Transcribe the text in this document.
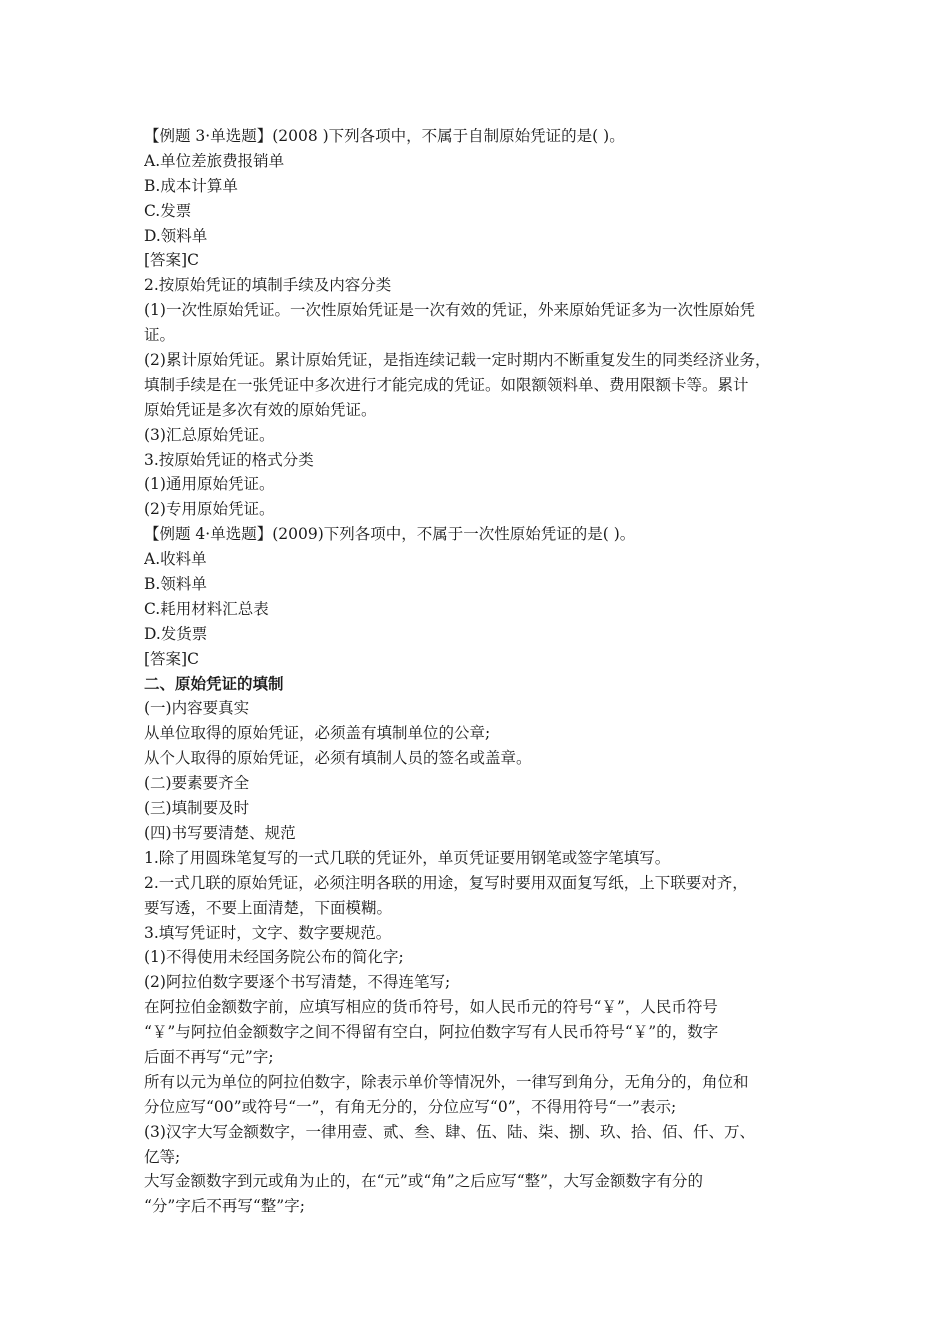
【例题 3·单选题】(2008 )下列各项中，不属于自制原始凭证的是( )。

A.单位差旅费报销单

B.成本计算单

C.发票

D.领料单

[答案]C

2.按原始凭证的填制手续及内容分类

(1)一次性原始凭证。一次性原始凭证是一次有效的凭证，外来原始凭证多为一次性原始凭

证。

(2)累计原始凭证。累计原始凭证，是指连续记载一定时期内不断重复发生的同类经济业务，

填制手续是在一张凭证中多次进行才能完成的凭证。如限额领料单、费用限额卡等。累计

原始凭证是多次有效的原始凭证。

(3)汇总原始凭证。

3.按原始凭证的格式分类

(1)通用原始凭证。

(2)专用原始凭证。

【例题 4·单选题】(2009)下列各项中，不属于一次性原始凭证的是( )。

A.收料单

B.领料单

C.耗用材料汇总表

D.发货票

[答案]C

二、原始凭证的填制

(一)内容要真实

从单位取得的原始凭证，必须盖有填制单位的公章;

从个人取得的原始凭证，必须有填制人员的签名或盖章。

(二)要素要齐全

(三)填制要及时

(四)书写要清楚、规范

1.除了用圆珠笔复写的一式几联的凭证外，单页凭证要用钢笔或签字笔填写。

2.一式几联的原始凭证，必须注明各联的用途，复写时要用双面复写纸，上下联要对齐，

要写透，不要上面清楚，下面模糊。

3.填写凭证时，文字、数字要规范。

(1)不得使用未经国务院公布的简化字;

(2)阿拉伯数字要逐个书写清楚，不得连笔写;

在阿拉伯金额数字前，应填写相应的货币符号，如人民币元的符号“￥”，人民币符号

“￥”与阿拉伯金额数字之间不得留有空白，阿拉伯数字写有人民币符号“￥”的，数字

后面不再写“元”字;

所有以元为单位的阿拉伯数字，除表示单价等情况外，一律写到角分，无角分的，角位和

分位应写“00”或符号“一”，有角无分的，分位应写“0”，不得用符号“一”表示;

(3)汉字大写金额数字，一律用壹、贰、叁、肆、伍、陆、柒、捌、玖、拾、佰、仟、万、

亿等;

大写金额数字到元或角为止的，在“元”或“角”之后应写“整”，大写金额数字有分的

“分”字后不再写“整”字;
